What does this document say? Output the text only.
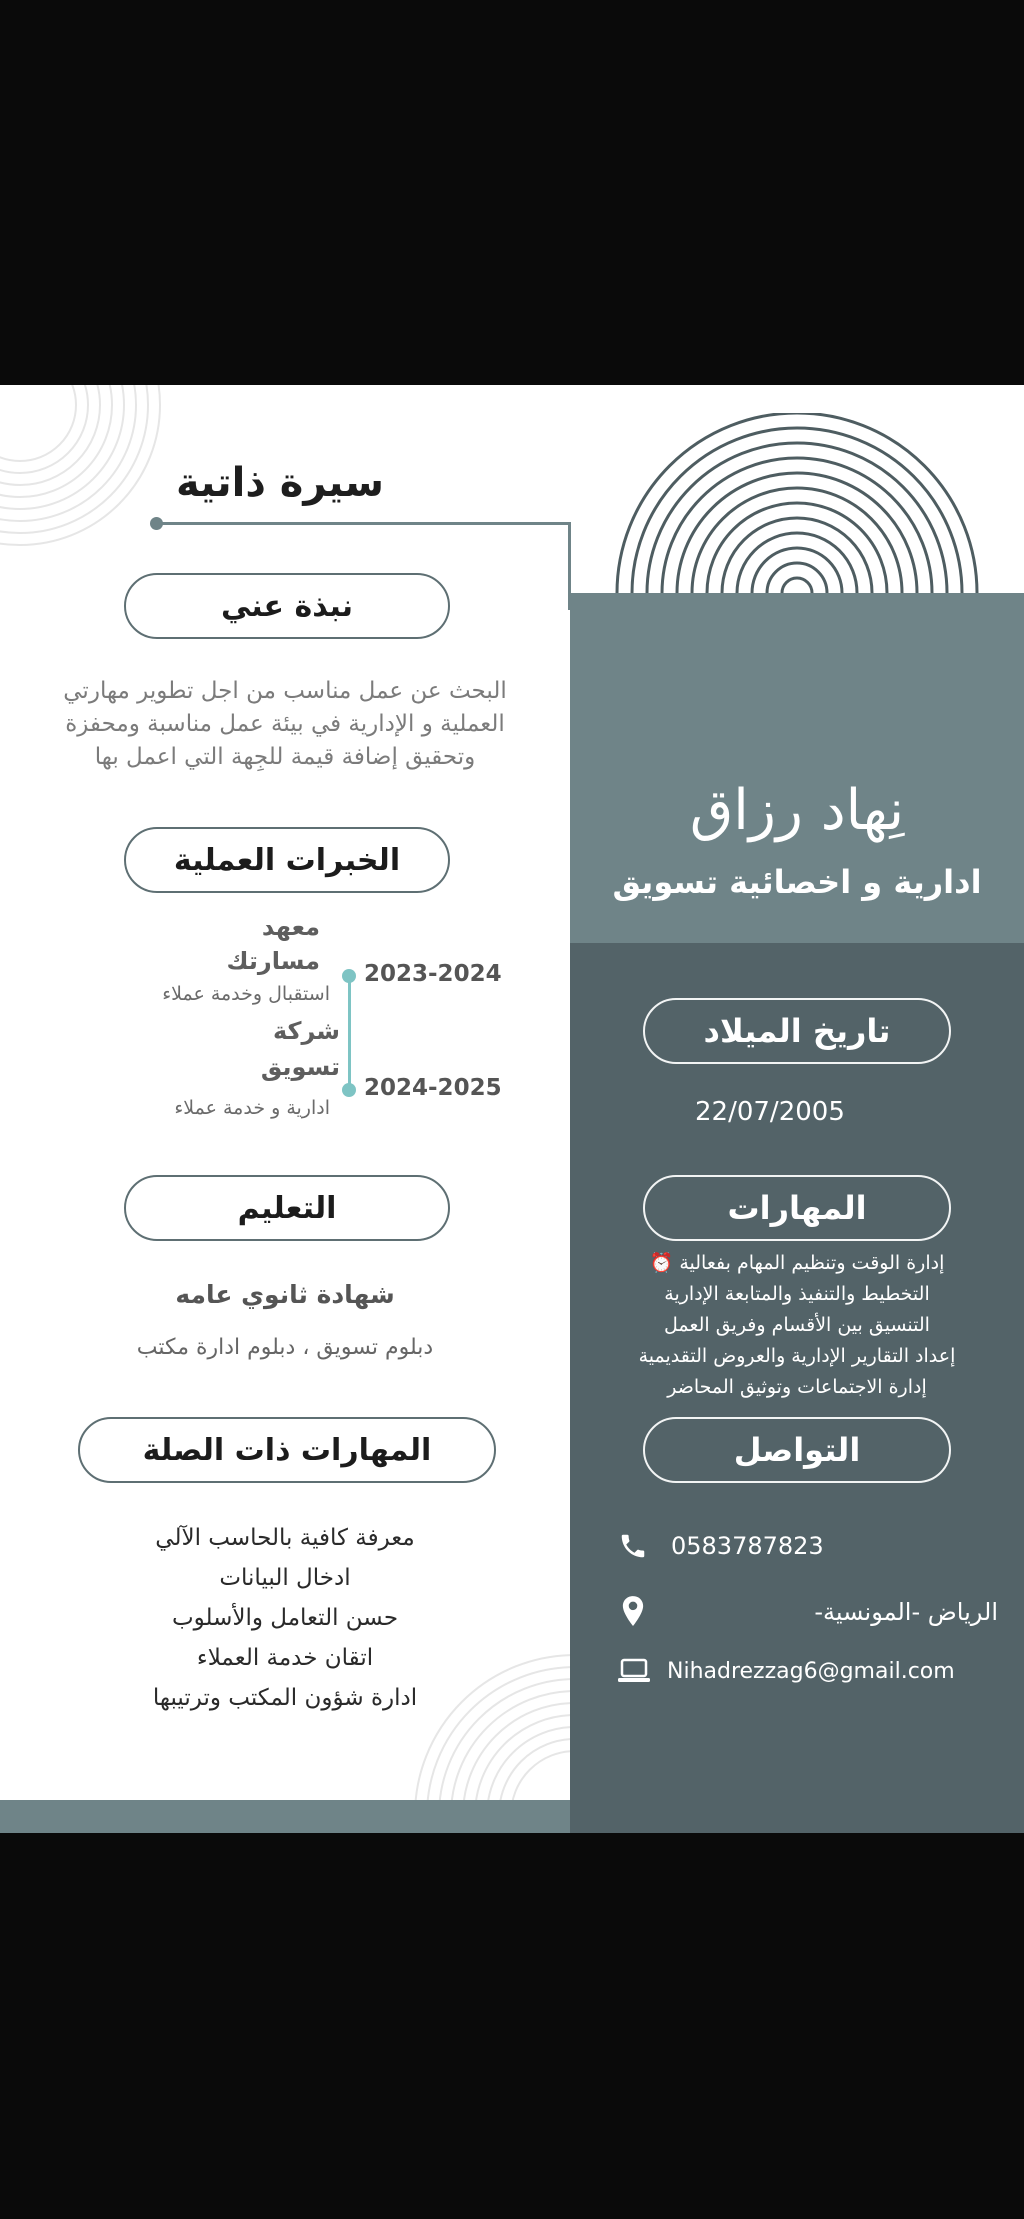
سيرة ذاتية
نبذة عني
البحث عن عمل مناسب من اجل تطوير مهارتي
العملية و الإدارية في بيئة عمل مناسبة ومحفزة
وتحقيق إضافة قيمة للجِهة التي اعمل بها
الخبرات العملية
معهد
مسارتك
استقبال وخدمة عملاء
2023-2024
شركة
تسويق
ادارية و خدمة عملاء
2024-2025
التعليم
شهادة ثانوي عامه
دبلوم تسويق ، دبلوم ادارة مكتب
المهارات ذات الصلة
معرفة كافية بالحاسب الآلي
ادخال البيانات
حسن التعامل والأسلوب
اتقان خدمة العملاء
ادارة شؤون المكتب وترتيبها
نِهاد رزاق
ادارية و اخصائية تسويق
تاريخ الميلاد
22/07/2005
المهارات
إدارة الوقت وتنظيم المهام بفعالية ⏰
التخطيط والتنفيذ والمتابعة الإدارية
التنسيق بين الأقسام وفريق العمل
إعداد التقارير الإدارية والعروض التقديمية
إدارة الاجتماعات وتوثيق المحاضر
التواصل
0583787823
الرياض -المونسية-
Nihadrezzag6@gmail.com
